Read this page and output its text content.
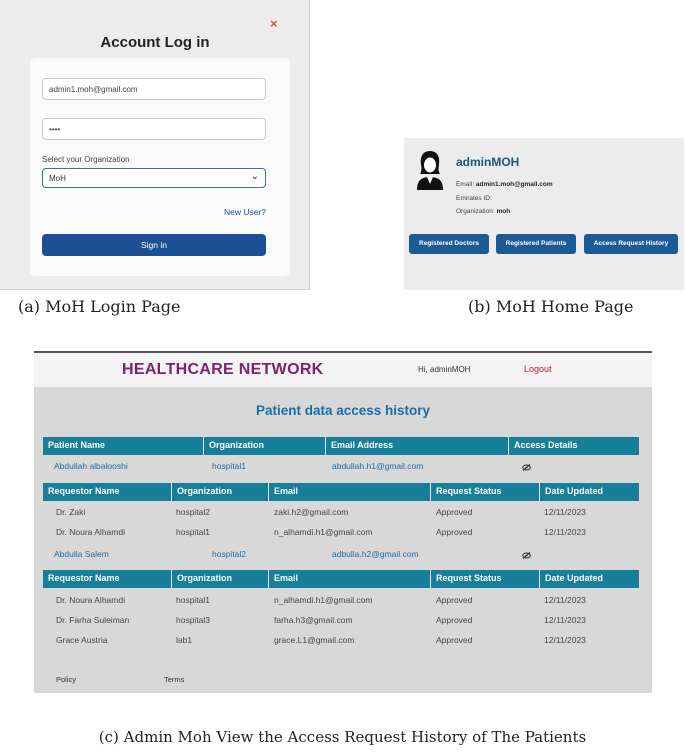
×
Account Log in
admin1.moh@gmail.com
••••
Select your Organization
MoH	⌄
New User?
Sign in
(a) MoH Login Page
adminMOH
Email: admin1.moh@gmail.com
Emirates ID:
Organization: moh
Registered Doctors	Registered Patients	Access Request History
(b) MoH Home Page
HEALTHCARE NETWORK	Hi, adminMOH	Logout
Patient data access history
Patient Name	Organization	Email Address	Access Details
Abdullah albalooshi	hospital1	abdullah.h1@gmail.com
Requestor Name	Organization	Email	Request Status	Date Updated
Dr. Zaki	hospital2	zaki.h2@gmail.com	Approved	12/11/2023
Dr. Noura Alhamdi	hospital1	n_alhamdi.h1@gmail.com	Approved	12/11/2023
Abdulla Salem	hospital2	adbulla.h2@gmail.com
Requestor Name	Organization	Email	Request Status	Date Updated
Dr. Noura Alhamdi	hospital1	n_alhamdi.h1@gmail.com	Approved	12/11/2023
Dr. Farha Suleiman	hospital3	farha.h3@gmail.com	Approved	12/11/2023
Grace Austria	lab1	grace.L1@gmail.com	Approved	12/11/2023
Policy	Terms
(c) Admin Moh View the Access Request History of The Patients
